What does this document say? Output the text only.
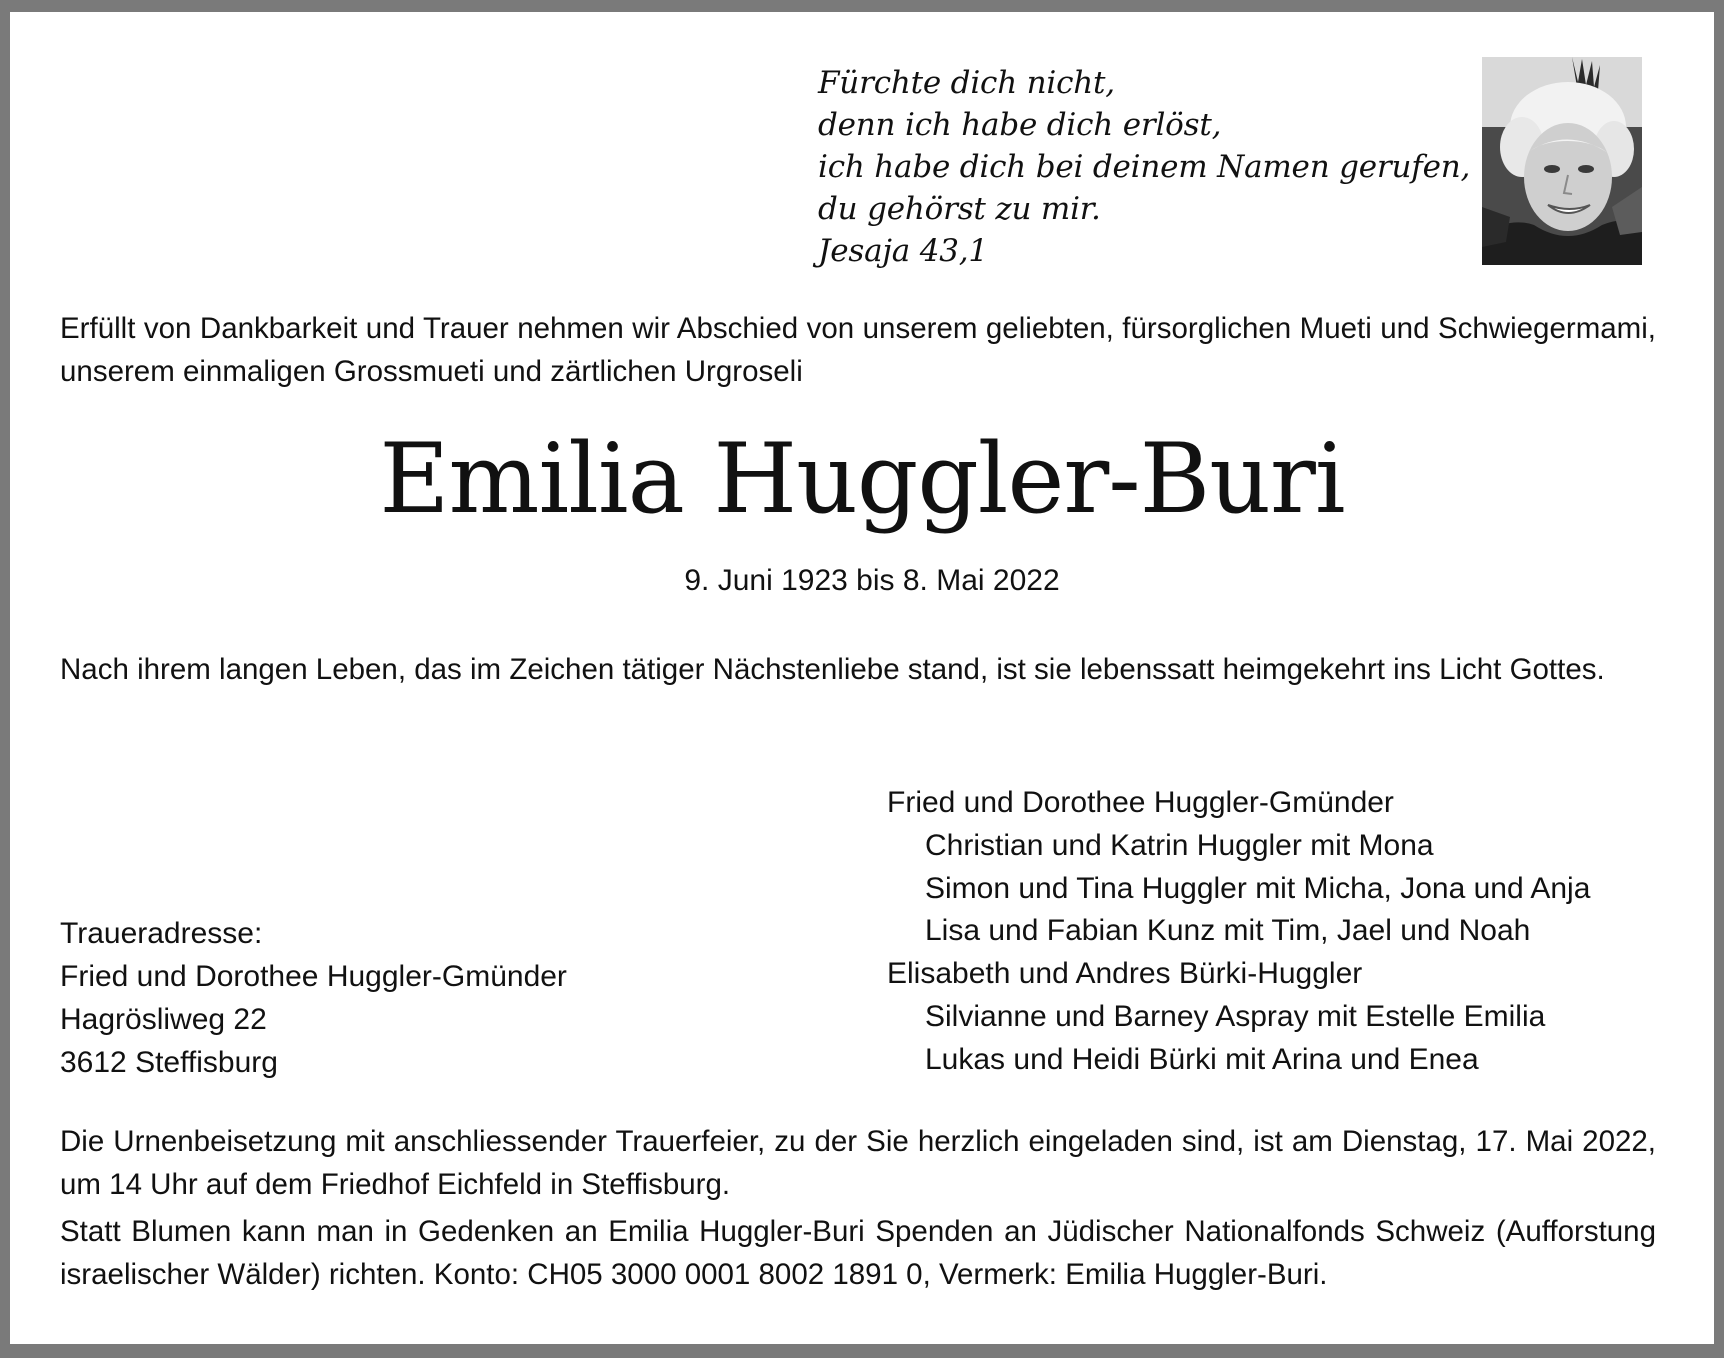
Fürchte dich nicht,
denn ich habe dich erlöst,
ich habe dich bei deinem Namen gerufen,
du gehörst zu mir.
Jesaja 43,1
Erfüllt von Dankbarkeit und Trauer nehmen wir Abschied von unserem geliebten, fürsorglichen Mueti und Schwiegermami, unserem einmaligen Grossmueti und zärtlichen Urgroseli
Emilia Huggler-Buri
9. Juni 1923 bis 8. Mai 2022
Nach ihrem langen Leben, das im Zeichen tätiger Nächstenliebe stand, ist sie lebenssatt heimgekehrt ins Licht Gottes.
Traueradresse:
Fried und Dorothee Huggler-Gmünder
Hagrösliweg 22
3612 Steffisburg
Fried und Dorothee Huggler-Gmünder
Christian und Katrin Huggler mit Mona
Simon und Tina Huggler mit Micha, Jona und Anja
Lisa und Fabian Kunz mit Tim, Jael und Noah
Elisabeth und Andres Bürki-Huggler
Silvianne und Barney Aspray mit Estelle Emilia
Lukas und Heidi Bürki mit Arina und Enea
Die Urnenbeisetzung mit anschliessender Trauerfeier, zu der Sie herzlich eingeladen sind, ist am Dienstag, 17. Mai 2022, um 14 Uhr auf dem Friedhof Eichfeld in Steffisburg.
Statt Blumen kann man in Gedenken an Emilia Huggler-Buri Spenden an Jüdischer Nationalfonds Schweiz (Aufforstung israelischer Wälder) richten. Konto: CH05 3000 0001 8002 1891 0, Vermerk: Emilia Huggler-Buri.
